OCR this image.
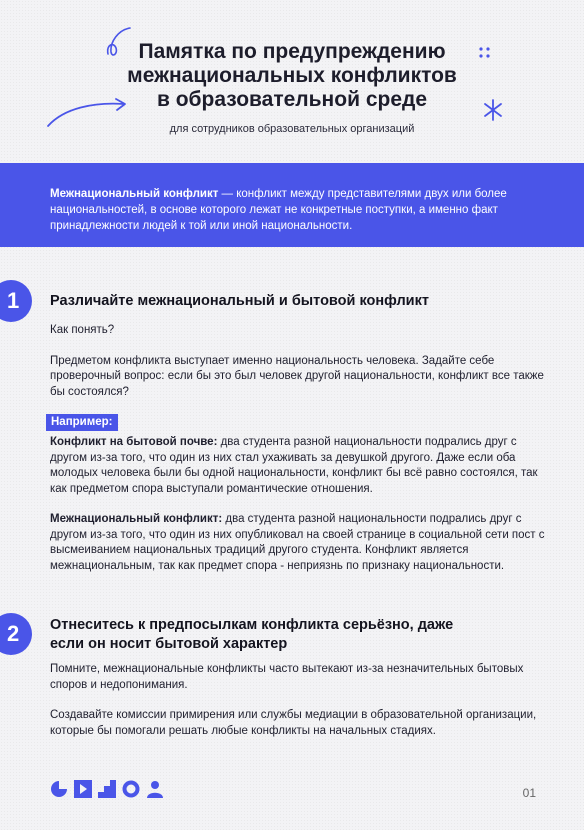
Памятка по предупреждению
межнациональных конфликтов
в образовательной среде
для сотрудников образовательных организаций
Межнациональный конфликт — конфликт между представителями двух или более национальностей, в основе которого лежат не конкретные поступки, а именно факт принадлежности людей к той или иной национальности.
1	Различайте межнациональный и бытовой конфликт
Как понять?
Предметом конфликта выступает именно национальность человека. Задайте себе проверочный вопрос: если бы это был человек другой национальности, конфликт все также бы состоялся?
Например:
Конфликт на бытовой почве: два студента разной национальности подрались друг с другом из-за того, что один из них стал ухаживать за девушкой другого. Даже если оба молодых человека были бы одной национальности, конфликт бы всё равно состоялся, так как предметом спора выступали романтические отношения.
Межнациональный конфликт: два студента разной национальности подрались друг с другом из-за того, что один из них опубликовал на своей странице в социальной сети пост с высмеиванием национальных традиций другого студента. Конфликт является межнациональным, так как предмет спора - неприязнь по признаку национальности.
2	Отнеситесь к предпосылкам конфликта серьёзно, даже если он носит бытовой характер
Помните, межнациональные конфликты часто вытекают из-за незначительных бытовых споров и недопонимания.
Создавайте комиссии примирения или службы медиации в образовательной организации, которые бы помогали решать любые конфликты на начальных стадиях.
01
